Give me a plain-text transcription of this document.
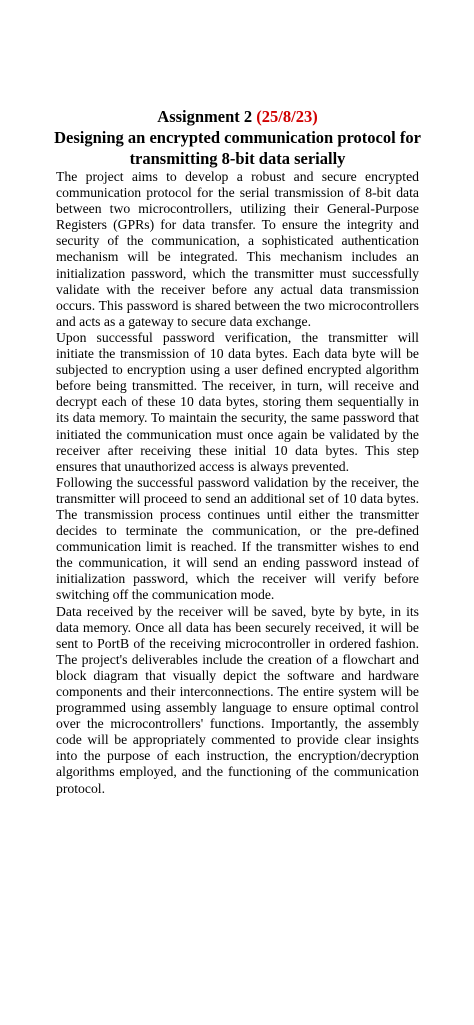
Assignment 2 (25/8/23)
Designing an encrypted communication protocol for transmitting 8-bit data serially

The project aims to develop a robust and secure encrypted communication protocol for the serial transmission of 8-bit data between two microcontrollers, utilizing their General-Purpose Registers (GPRs) for data transfer. To ensure the integrity and security of the communication, a sophisticated authentication mechanism will be integrated. This mechanism includes an initialization password, which the transmitter must successfully validate with the receiver before any actual data transmission occurs. This password is shared between the two microcontrollers and acts as a gateway to secure data exchange.

Upon successful password verification, the transmitter will initiate the transmission of 10 data bytes. Each data byte will be subjected to encryption using a user defined encrypted algorithm before being transmitted. The receiver, in turn, will receive and decrypt each of these 10 data bytes, storing them sequentially in its data memory. To maintain the security, the same password that initiated the communication must once again be validated by the receiver after receiving these initial 10 data bytes. This step ensures that unauthorized access is always prevented.

Following the successful password validation by the receiver, the transmitter will proceed to send an additional set of 10 data bytes. The transmission process continues until either the transmitter decides to terminate the communication, or the pre-defined communication limit is reached. If the transmitter wishes to end the communication, it will send an ending password instead of initialization password, which the receiver will verify before switching off the communication mode.

Data received by the receiver will be saved, byte by byte, in its data memory. Once all data has been securely received, it will be sent to PortB of the receiving microcontroller in ordered fashion. The project's deliverables include the creation of a flowchart and block diagram that visually depict the software and hardware components and their interconnections. The entire system will be programmed using assembly language to ensure optimal control over the microcontrollers' functions. Importantly, the assembly code will be appropriately commented to provide clear insights into the purpose of each instruction, the encryption/decryption algorithms employed, and the functioning of the communication protocol.
